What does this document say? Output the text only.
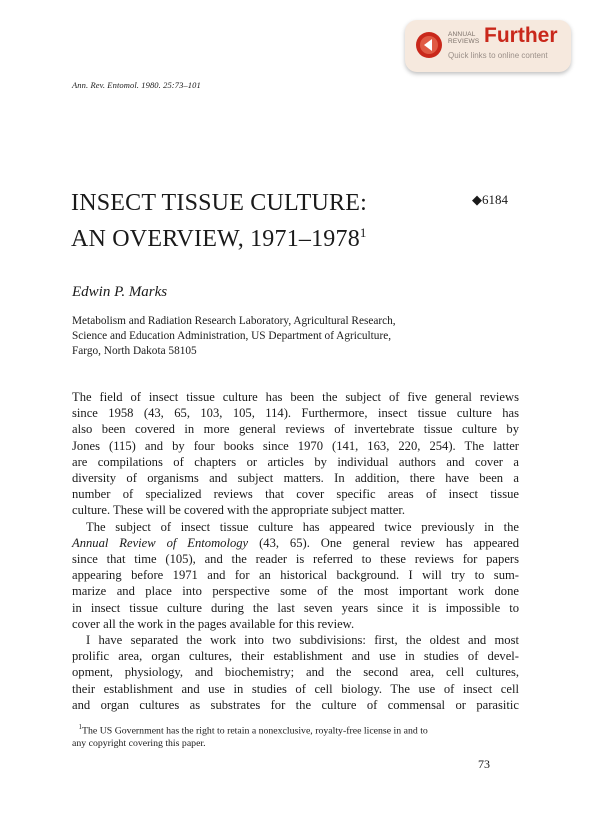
ANNUAL
REVIEWS Further
Quick links to online content
Ann. Rev. Entomol. 1980. 25:73–101
INSECT TISSUE CULTURE:
AN OVERVIEW, 1971–1978$^1$
◆6184
Edwin P. Marks
Metabolism and Radiation Research Laboratory, Agricultural Research,
Science and Education Administration, US Department of Agriculture,
Fargo, North Dakota 58105
The field of insect tissue culture has been the subject of five general reviews
since 1958 (43, 65, 103, 105, 114). Furthermore, insect tissue culture has
also been covered in more general reviews of invertebrate tissue culture by
Jones (115) and by four books since 1970 (141, 163, 220, 254). The latter
are compilations of chapters or articles by individual authors and cover a
diversity of organisms and subject matters. In addition, there have been a
number of specialized reviews that cover specific areas of insect tissue
culture. These will be covered with the appropriate subject matter.
The subject of insect tissue culture has appeared twice previously in the
Annual Review of Entomology (43, 65). One general review has appeared
since that time (105), and the reader is referred to these reviews for papers
appearing before 1971 and for an historical background. I will try to sum-
marize and place into perspective some of the most important work done
in insect tissue culture during the last seven years since it is impossible to
cover all the work in the pages available for this review.
I have separated the work into two subdivisions: first, the oldest and most
prolific area, organ cultures, their establishment and use in studies of devel-
opment, physiology, and biochemistry; and the second area, cell cultures,
their establishment and use in studies of cell biology. The use of insect cell
and organ cultures as substrates for the culture of commensal or parasitic
  $^1$The US Government has the right to retain a nonexclusive, royalty-free license in and to
any copyright covering this paper.
73
